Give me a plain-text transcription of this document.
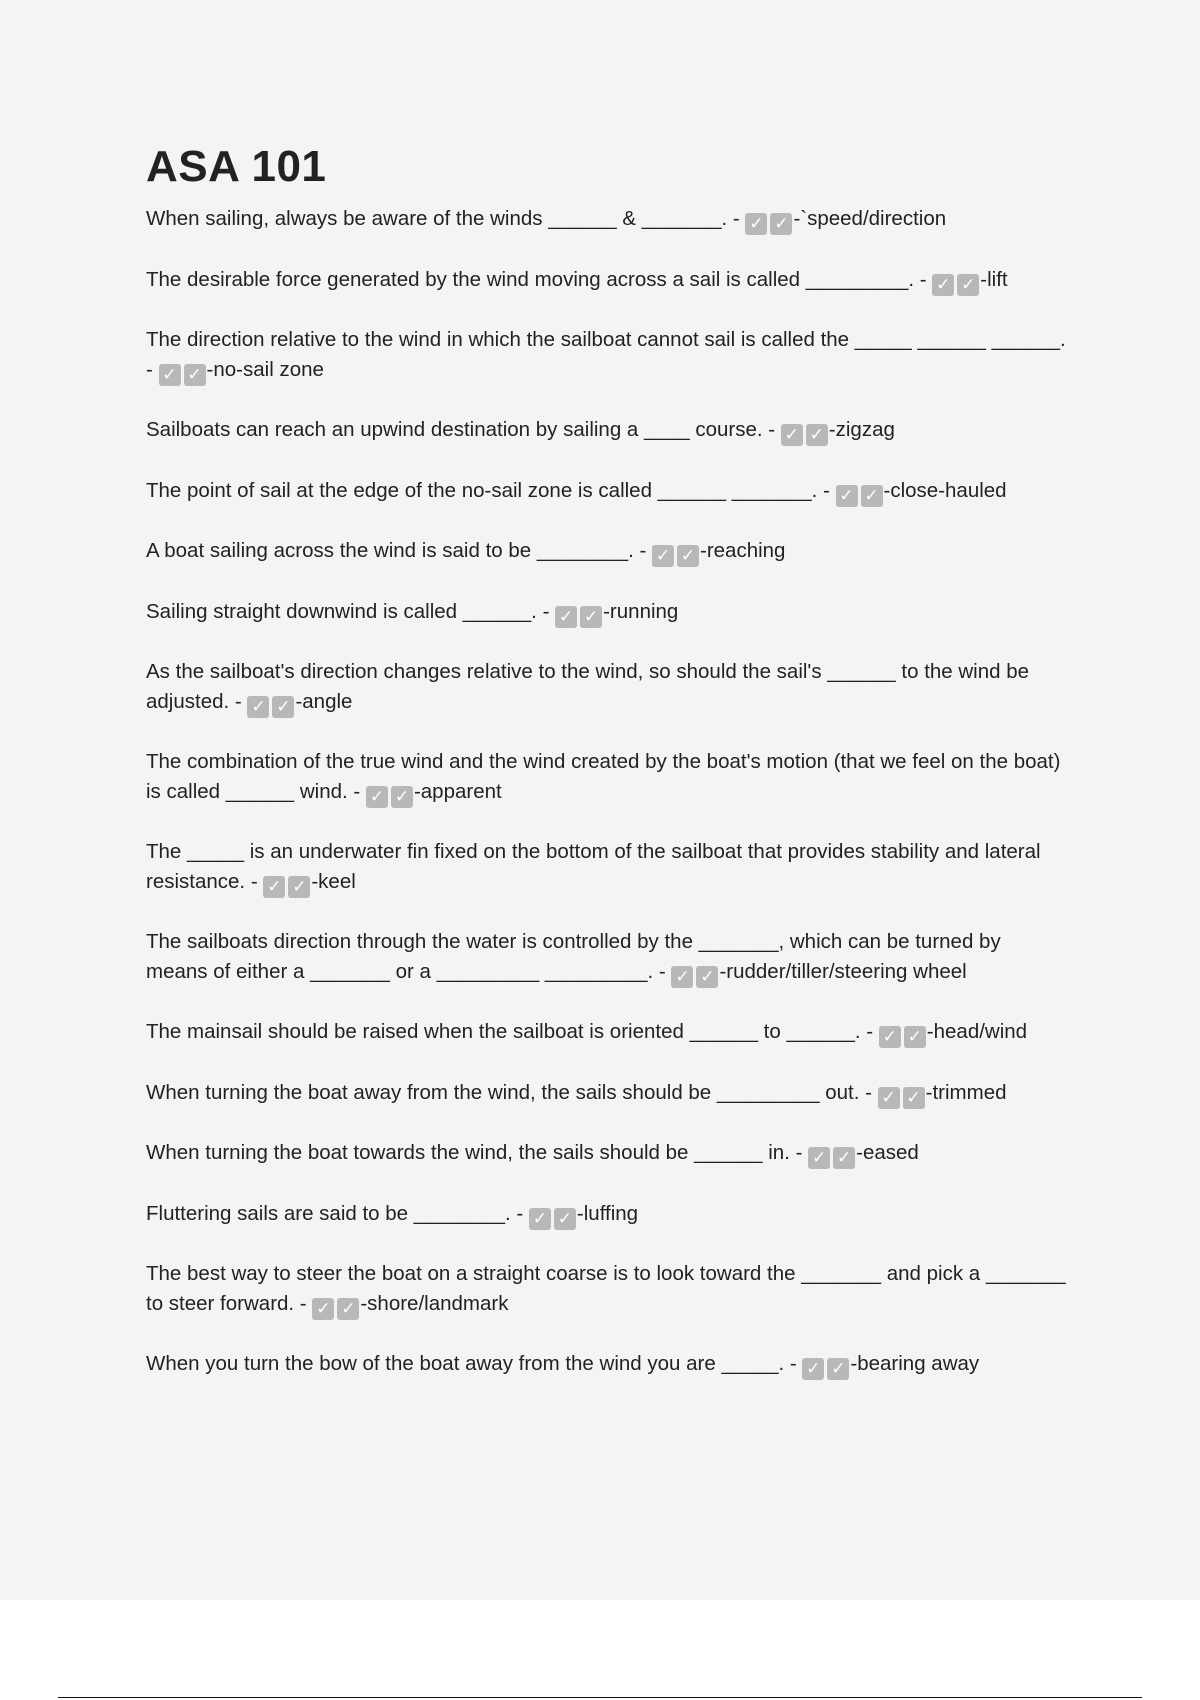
ASA 101

When sailing, always be aware of the winds ______ & _______. - ✓ ✓ -`speed/direction

The desirable force generated by the wind moving across a sail is called _________. - ✓ ✓ -lift

The direction relative to the wind in which the sailboat cannot sail is called the _____ ______ ______. - ✓ ✓ -no-sail zone

Sailboats can reach an upwind destination by sailing a ____ course. - ✓ ✓ -zigzag

The point of sail at the edge of the no-sail zone is called ______ _______. - ✓ ✓ -close-hauled

A boat sailing across the wind is said to be ________. - ✓ ✓ -reaching

Sailing straight downwind is called ______. - ✓ ✓ -running

As the sailboat's direction changes relative to the wind, so should the sail's ______ to the wind be adjusted. - ✓ ✓ -angle

The combination of the true wind and the wind created by the boat's motion (that we feel on the boat) is called ______ wind. - ✓ ✓ -apparent

The _____ is an underwater fin fixed on the bottom of the sailboat that provides stability and lateral resistance. - ✓ ✓ -keel

The sailboats direction through the water is controlled by the _______, which can be turned by means of either a _______ or a _________ _________. - ✓ ✓ -rudder/tiller/steering wheel

The mainsail should be raised when the sailboat is oriented ______ to ______. - ✓ ✓ -head/wind

When turning the boat away from the wind, the sails should be _________ out. - ✓ ✓ -trimmed

When turning the boat towards the wind, the sails should be ______ in. - ✓ ✓ -eased

Fluttering sails are said to be ________. - ✓ ✓ -luffing

The best way to steer the boat on a straight coarse is to look toward the _______ and pick a _______ to steer forward. - ✓ ✓ -shore/landmark

When you turn the bow of the boat away from the wind you are _____. - ✓ ✓ -bearing away
